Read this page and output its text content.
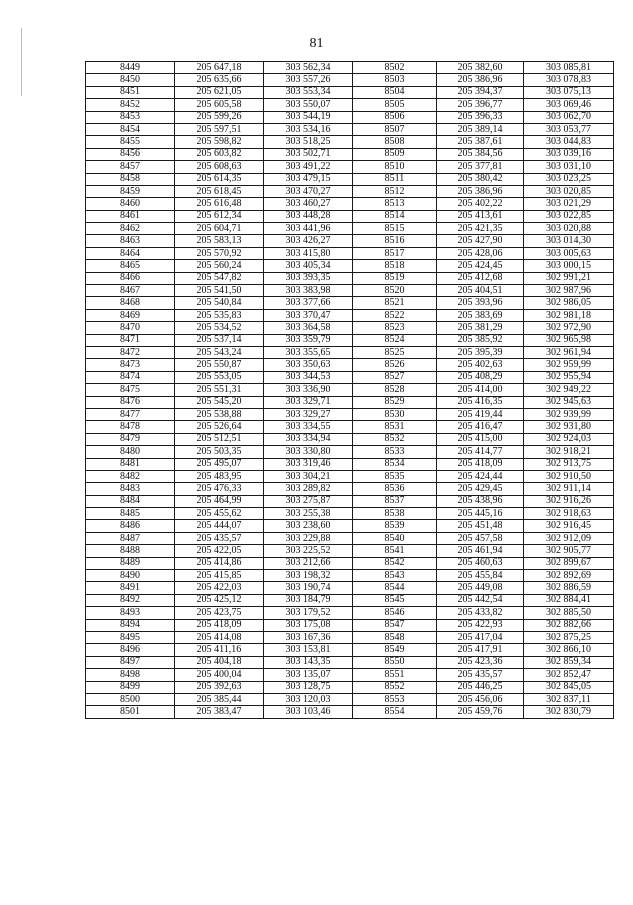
81
8449	205 647,18	303 562,34	8502	205 382,60	303 085,81
8450	205 635,66	303 557,26	8503	205 386,96	303 078,83
8451	205 621,05	303 553,34	8504	205 394,37	303 075,13
8452	205 605,58	303 550,07	8505	205 396,77	303 069,46
8453	205 599,26	303 544,19	8506	205 396,33	303 062,70
8454	205 597,51	303 534,16	8507	205 389,14	303 053,77
8455	205 598,82	303 518,25	8508	205 387,61	303 044,83
8456	205 603,82	303 502,71	8509	205 384,56	303 039,16
8457	205 608,63	303 491,22	8510	205 377,81	303 031,10
8458	205 614,35	303 479,15	8511	205 380,42	303 023,25
8459	205 618,45	303 470,27	8512	205 386,96	303 020,85
8460	205 616,48	303 460,27	8513	205 402,22	303 021,29
8461	205 612,34	303 448,28	8514	205 413,61	303 022,85
8462	205 604,71	303 441,96	8515	205 421,35	303 020,88
8463	205 583,13	303 426,27	8516	205 427,90	303 014,30
8464	205 570,92	303 415,80	8517	205 428,06	303 005,63
8465	205 560,24	303 405,34	8518	205 424,45	303 000,15
8466	205 547,82	303 393,35	8519	205 412,68	302 991,21
8467	205 541,50	303 383,98	8520	205 404,51	302 987,96
8468	205 540,84	303 377,66	8521	205 393,96	302 986,05
8469	205 535,83	303 370,47	8522	205 383,69	302 981,18
8470	205 534,52	303 364,58	8523	205 381,29	302 972,90
8471	205 537,14	303 359,79	8524	205 385,92	302 965,98
8472	205 543,24	303 355,65	8525	205 395,39	302 961,94
8473	205 550,87	303 350,63	8526	205 402,63	302 959,99
8474	205 553,05	303 344,53	8527	205 408,29	302 955,94
8475	205 551,31	303 336,90	8528	205 414,00	302 949,22
8476	205 545,20	303 329,71	8529	205 416,35	302 945,63
8477	205 538,88	303 329,27	8530	205 419,44	302 939,99
8478	205 526,64	303 334,55	8531	205 416,47	302 931,80
8479	205 512,51	303 334,94	8532	205 415,00	302 924,03
8480	205 503,35	303 330,80	8533	205 414,77	302 918,21
8481	205 495,07	303 319,46	8534	205 418,09	302 913,75
8482	205 483,95	303 304,21	8535	205 424,44	302 910,50
8483	205 476,33	303 289,82	8536	205 429,45	302 911,14
8484	205 464,99	303 275,87	8537	205 438,96	302 916,26
8485	205 455,62	303 255,38	8538	205 445,16	302 918,63
8486	205 444,07	303 238,60	8539	205 451,48	302 916,45
8487	205 435,57	303 229,88	8540	205 457,58	302 912,09
8488	205 422,05	303 225,52	8541	205 461,94	302 905,77
8489	205 414,86	303 212,66	8542	205 460,63	302 899,67
8490	205 415,85	303 198,32	8543	205 455,84	302 892,69
8491	205 422,03	303 190,74	8544	205 449,08	302 886,59
8492	205 425,12	303 184,79	8545	205 442,54	302 884,41
8493	205 423,75	303 179,52	8546	205 433,82	302 885,50
8494	205 418,09	303 175,08	8547	205 422,93	302 882,66
8495	205 414,08	303 167,36	8548	205 417,04	302 875,25
8496	205 411,16	303 153,81	8549	205 417,91	302 866,10
8497	205 404,18	303 143,35	8550	205 423,36	302 859,34
8498	205 400,04	303 135,07	8551	205 435,57	302 852,47
8499	205 392,63	303 128,75	8552	205 446,25	302 845,05
8500	205 385,44	303 120,03	8553	205 456,06	302 837,11
8501	205 383,47	303 103,46	8554	205 459,76	302 830,79
